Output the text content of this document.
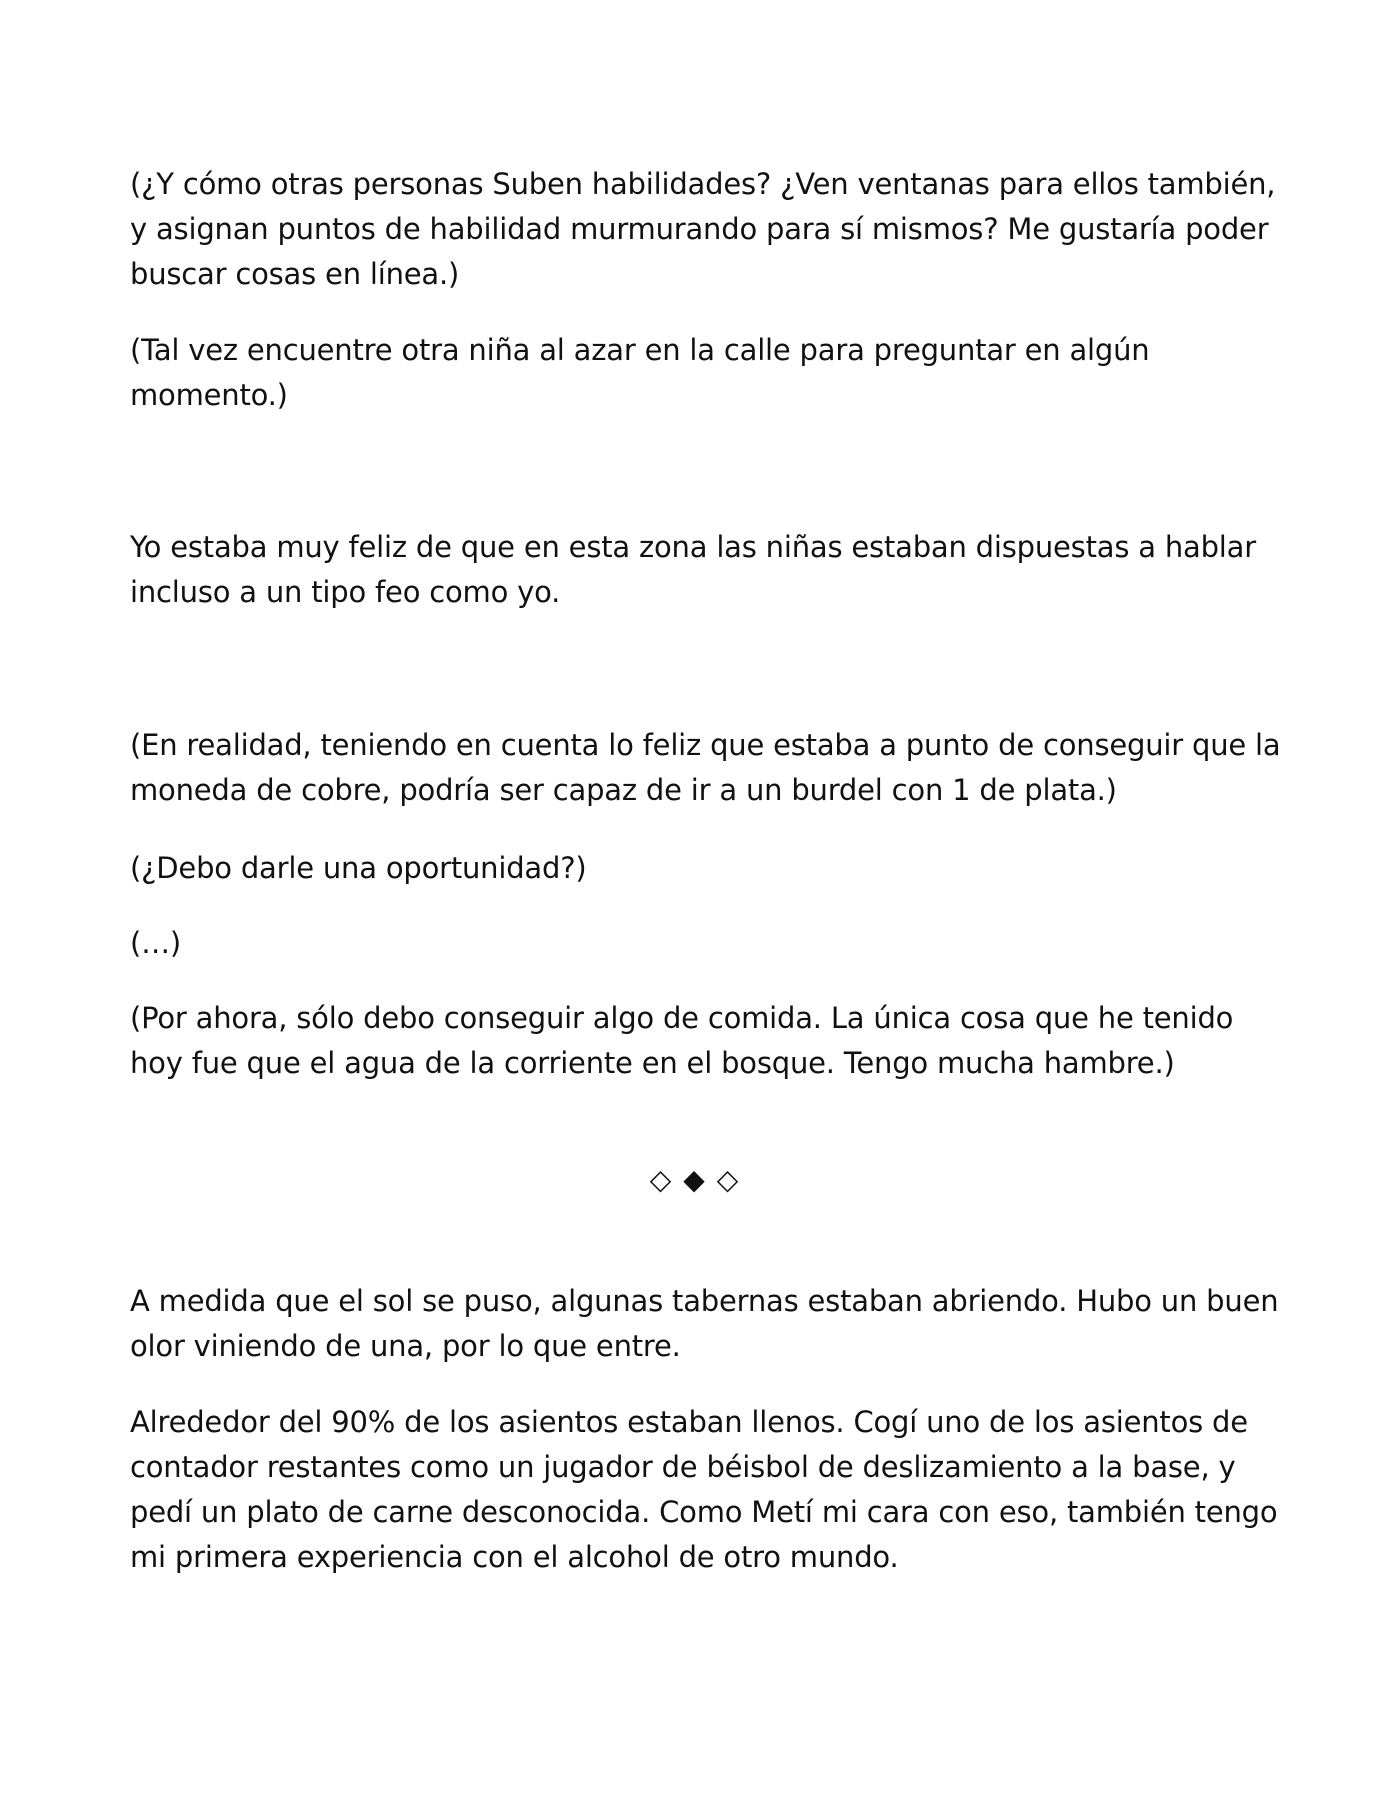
(¿Y cómo otras personas Suben habilidades? ¿Ven ventanas para ellos también, y asignan puntos de habilidad murmurando para sí mismos? Me gustaría poder buscar cosas en línea.)

(Tal vez encuentre otra niña al azar en la calle para preguntar en algún momento.)

Yo estaba muy feliz de que en esta zona las niñas estaban dispuestas a hablar incluso a un tipo feo como yo.

(En realidad, teniendo en cuenta lo feliz que estaba a punto de conseguir que la moneda de cobre, podría ser capaz de ir a un burdel con 1 de plata.)

(¿Debo darle una oportunidad?)

(…)

(Por ahora, sólo debo conseguir algo de comida. La única cosa que he tenido hoy fue que el agua de la corriente en el bosque. Tengo mucha hambre.)

◇◆◇

A medida que el sol se puso, algunas tabernas estaban abriendo. Hubo un buen olor viniendo de una, por lo que entre.

Alrededor del 90% de los asientos estaban llenos. Cogí uno de los asientos de contador restantes como un jugador de béisbol de deslizamiento a la base, y pedí un plato de carne desconocida. Como Metí mi cara con eso, también tengo mi primera experiencia con el alcohol de otro mundo.
